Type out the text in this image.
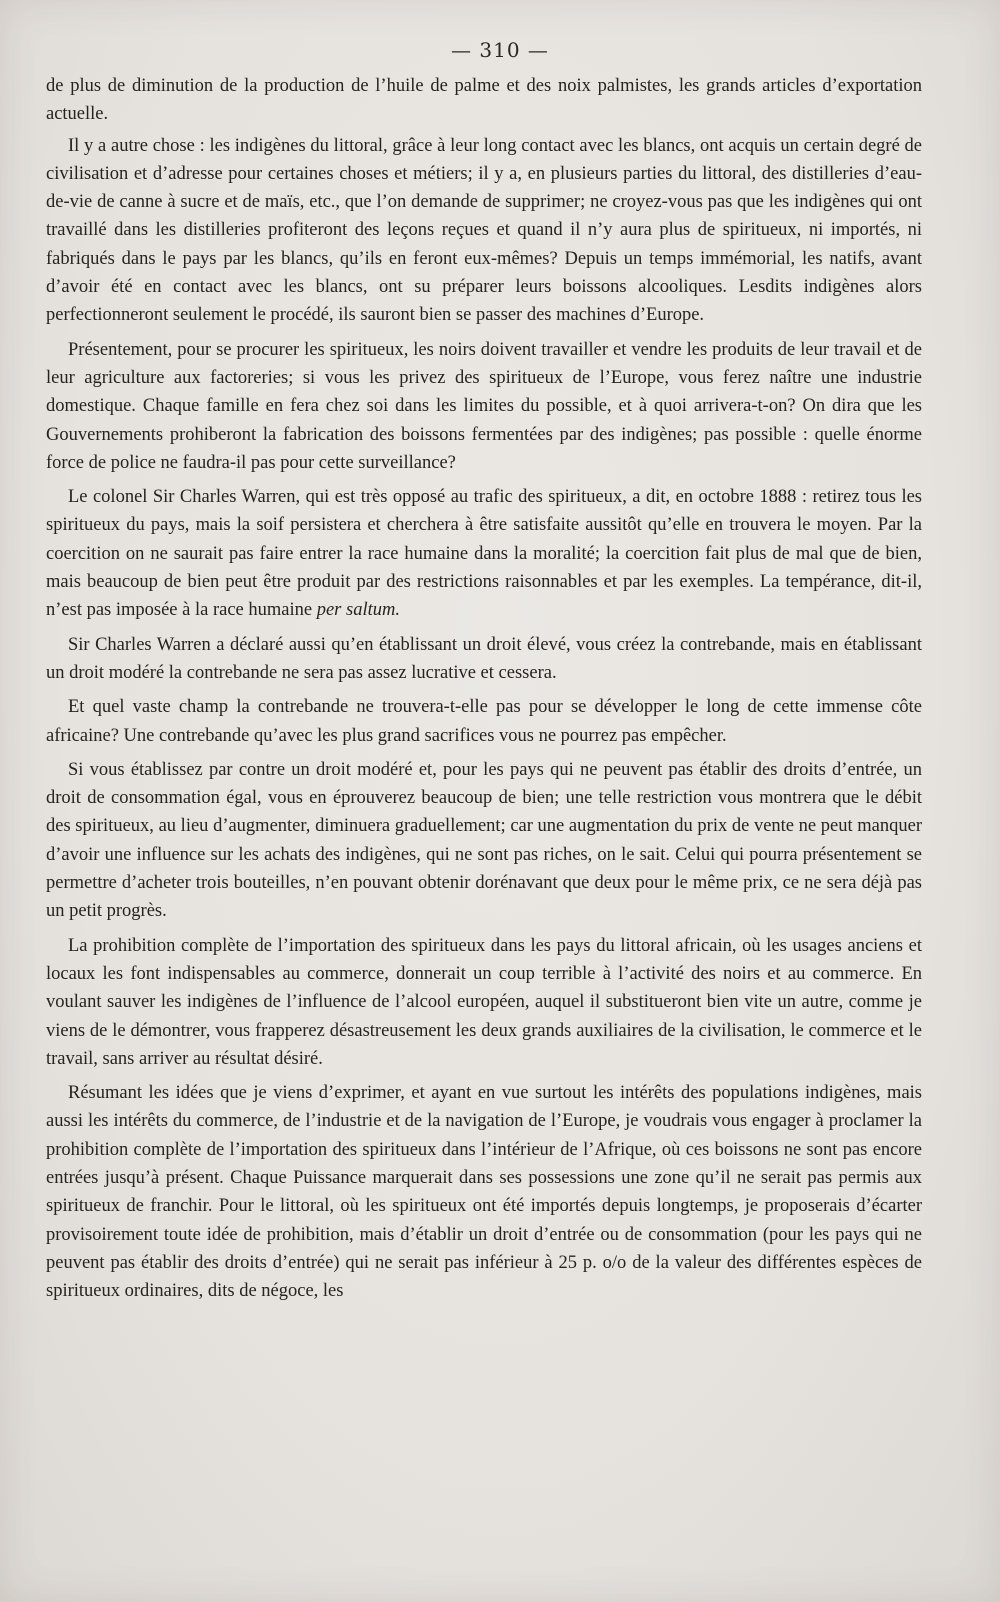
— 310 —

de plus de diminution de la production de l’huile de palme et des noix palmistes, les grands articles d’exportation actuelle.

Il y a autre chose : les indigènes du littoral, grâce à leur long contact avec les blancs, ont acquis un certain degré de civilisation et d’adresse pour certaines choses et métiers; il y a, en plusieurs parties du littoral, des distilleries d’eau-de-vie de canne à sucre et de maïs, etc., que l’on demande de supprimer; ne croyez-vous pas que les indigènes qui ont travaillé dans les distilleries profiteront des leçons reçues et quand il n’y aura plus de spiritueux, ni importés, ni fabriqués dans le pays par les blancs, qu’ils en feront eux-mêmes? Depuis un temps immémorial, les natifs, avant d’avoir été en contact avec les blancs, ont su préparer leurs boissons alcooliques. Lesdits indigènes alors perfectionneront seulement le procédé, ils sauront bien se passer des machines d’Europe.

Présentement, pour se procurer les spiritueux, les noirs doivent travailler et vendre les produits de leur travail et de leur agriculture aux factoreries; si vous les privez des spiritueux de l’Europe, vous ferez naître une industrie domestique. Chaque famille en fera chez soi dans les limites du possible, et à quoi arrivera-t-on? On dira que les Gouvernements prohiberont la fabrication des boissons fermentées par des indigènes; pas possible : quelle énorme force de police ne faudra-il pas pour cette surveillance?

Le colonel Sir Charles Warren, qui est très opposé au trafic des spiritueux, a dit, en octobre 1888 : retirez tous les spiritueux du pays, mais la soif persistera et cherchera à être satisfaite aussitôt qu’elle en trouvera le moyen. Par la coercition on ne saurait pas faire entrer la race humaine dans la moralité; la coercition fait plus de mal que de bien, mais beaucoup de bien peut être produit par des restrictions raisonnables et par les exemples. La tempérance, dit-il, n’est pas imposée à la race humaine per saltum.

Sir Charles Warren a déclaré aussi qu’en établissant un droit élevé, vous créez la contrebande, mais en établissant un droit modéré la contrebande ne sera pas assez lucrative et cessera.

Et quel vaste champ la contrebande ne trouvera-t-elle pas pour se développer le long de cette immense côte africaine? Une contrebande qu’avec les plus grand sacrifices vous ne pourrez pas empêcher.

Si vous établissez par contre un droit modéré et, pour les pays qui ne peuvent pas établir des droits d’entrée, un droit de consommation égal, vous en éprouverez beaucoup de bien; une telle restriction vous montrera que le débit des spiritueux, au lieu d’augmenter, diminuera graduellement; car une augmentation du prix de vente ne peut manquer d’avoir une influence sur les achats des indigènes, qui ne sont pas riches, on le sait. Celui qui pourra présentement se permettre d’acheter trois bouteilles, n’en pouvant obtenir dorénavant que deux pour le même prix, ce ne sera déjà pas un petit progrès.

La prohibition complète de l’importation des spiritueux dans les pays du littoral africain, où les usages anciens et locaux les font indispensables au commerce, donnerait un coup terrible à l’activité des noirs et au commerce. En voulant sauver les indigènes de l’influence de l’alcool européen, auquel il substitueront bien vite un autre, comme je viens de le démontrer, vous frapperez désastreusement les deux grands auxiliaires de la civilisation, le commerce et le travail, sans arriver au résultat désiré.

Résumant les idées que je viens d’exprimer, et ayant en vue surtout les intérêts des populations indigènes, mais aussi les intérêts du commerce, de l’industrie et de la navigation de l’Europe, je voudrais vous engager à proclamer la prohibition complète de l’importation des spiritueux dans l’intérieur de l’Afrique, où ces boissons ne sont pas encore entrées jusqu’à présent. Chaque Puissance marquerait dans ses possessions une zone qu’il ne serait pas permis aux spiritueux de franchir. Pour le littoral, où les spiritueux ont été importés depuis longtemps, je proposerais d’écarter provisoirement toute idée de prohibition, mais d’établir un droit d’entrée ou de consommation (pour les pays qui ne peuvent pas établir des droits d’entrée) qui ne serait pas inférieur à 25 p. o/o de la valeur des différentes espèces de spiritueux ordinaires, dits de négoce, les
